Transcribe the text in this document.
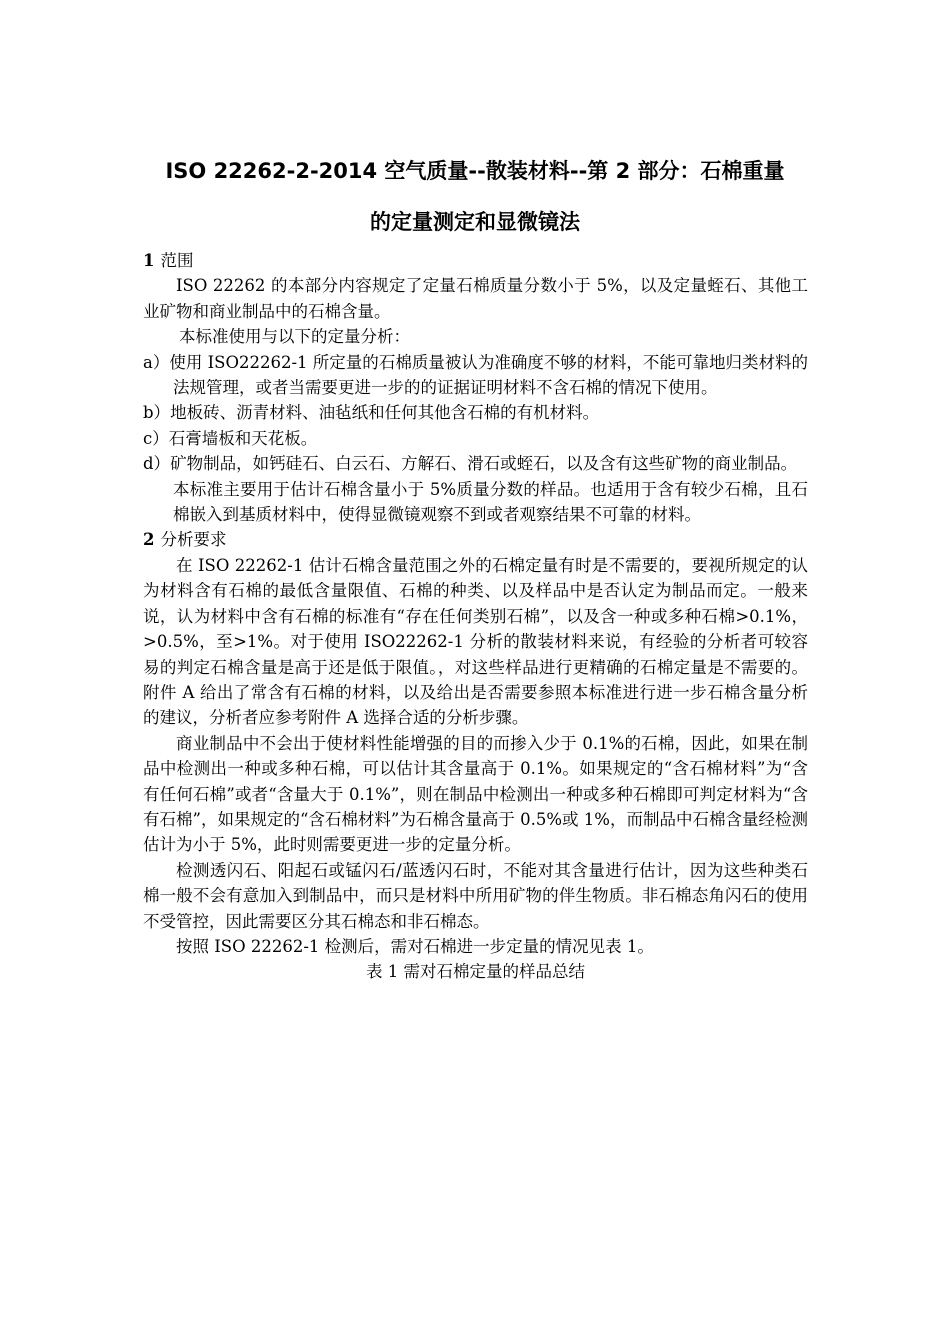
ISO 22262-2-2014 空气质量--散装材料--第 2 部分：石棉重量
的定量测定和显微镜法

1 范围

ISO 22262 的本部分内容规定了定量石棉质量分数小于 5%，以及定量蛭石、其他工业矿物和商业制品中的石棉含量。

本标准使用与以下的定量分析：

a）使用 ISO22262-1 所定量的石棉质量被认为准确度不够的材料，不能可靠地归类材料的法规管理，或者当需要更进一步的的证据证明材料不含石棉的情况下使用。

b）地板砖、沥青材料、油毡纸和任何其他含石棉的有机材料。

c）石膏墙板和天花板。

d）矿物制品，如钙硅石、白云石、方解石、滑石或蛭石，以及含有这些矿物的商业制品。

本标准主要用于估计石棉含量小于 5%质量分数的样品。也适用于含有较少石棉，且石棉嵌入到基质材料中，使得显微镜观察不到或者观察结果不可靠的材料。

2 分析要求

在 ISO 22262-1 估计石棉含量范围之外的石棉定量有时是不需要的，要视所规定的认为材料含有石棉的最低含量限值、石棉的种类、以及样品中是否认定为制品而定。一般来说，认为材料中含有石棉的标准有“存在任何类别石棉”，以及含一种或多种石棉>0.1%，>0.5%，至>1%。对于使用 ISO22262-1 分析的散装材料来说，有经验的分析者可较容易的判定石棉含量是高于还是低于限值。，对这些样品进行更精确的石棉定量是不需要的。附件 A 给出了常含有石棉的材料，以及给出是否需要参照本标准进行进一步石棉含量分析的建议，分析者应参考附件 A 选择合适的分析步骤。

商业制品中不会出于使材料性能增强的目的而掺入少于 0.1%的石棉，因此，如果在制品中检测出一种或多种石棉，可以估计其含量高于 0.1%。如果规定的“含石棉材料”为“含有任何石棉”或者“含量大于 0.1%”，则在制品中检测出一种或多种石棉即可判定材料为“含有石棉”，如果规定的“含石棉材料”为石棉含量高于 0.5%或 1%，而制品中石棉含量经检测估计为小于 5%，此时则需要更进一步的定量分析。

检测透闪石、阳起石或锰闪石/蓝透闪石时，不能对其含量进行估计，因为这些种类石棉一般不会有意加入到制品中，而只是材料中所用矿物的伴生物质。非石棉态角闪石的使用不受管控，因此需要区分其石棉态和非石棉态。

按照 ISO 22262-1 检测后，需对石棉进一步定量的情况见表 1。

表 1 需对石棉定量的样品总结
